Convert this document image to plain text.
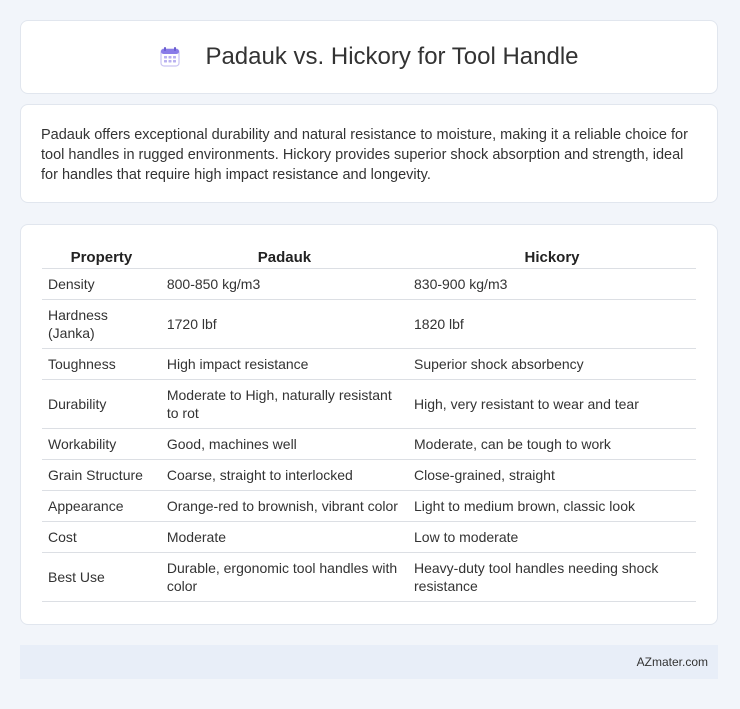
Padauk vs. Hickory for Tool Handle

Padauk offers exceptional durability and natural resistance to moisture, making it a reliable choice for tool handles in rugged environments. Hickory provides superior shock absorption and strength, ideal for handles that require high impact resistance and longevity.

Property	Padauk	Hickory
Density	800-850 kg/m3	830-900 kg/m3
Hardness (Janka)	1720 lbf	1820 lbf
Toughness	High impact resistance	Superior shock absorbency
Durability	Moderate to High, naturally resistant to rot	High, very resistant to wear and tear
Workability	Good, machines well	Moderate, can be tough to work
Grain Structure	Coarse, straight to interlocked	Close-grained, straight
Appearance	Orange-red to brownish, vibrant color	Light to medium brown, classic look
Cost	Moderate	Low to moderate
Best Use	Durable, ergonomic tool handles with color	Heavy-duty tool handles needing shock resistance
AZmater.com
